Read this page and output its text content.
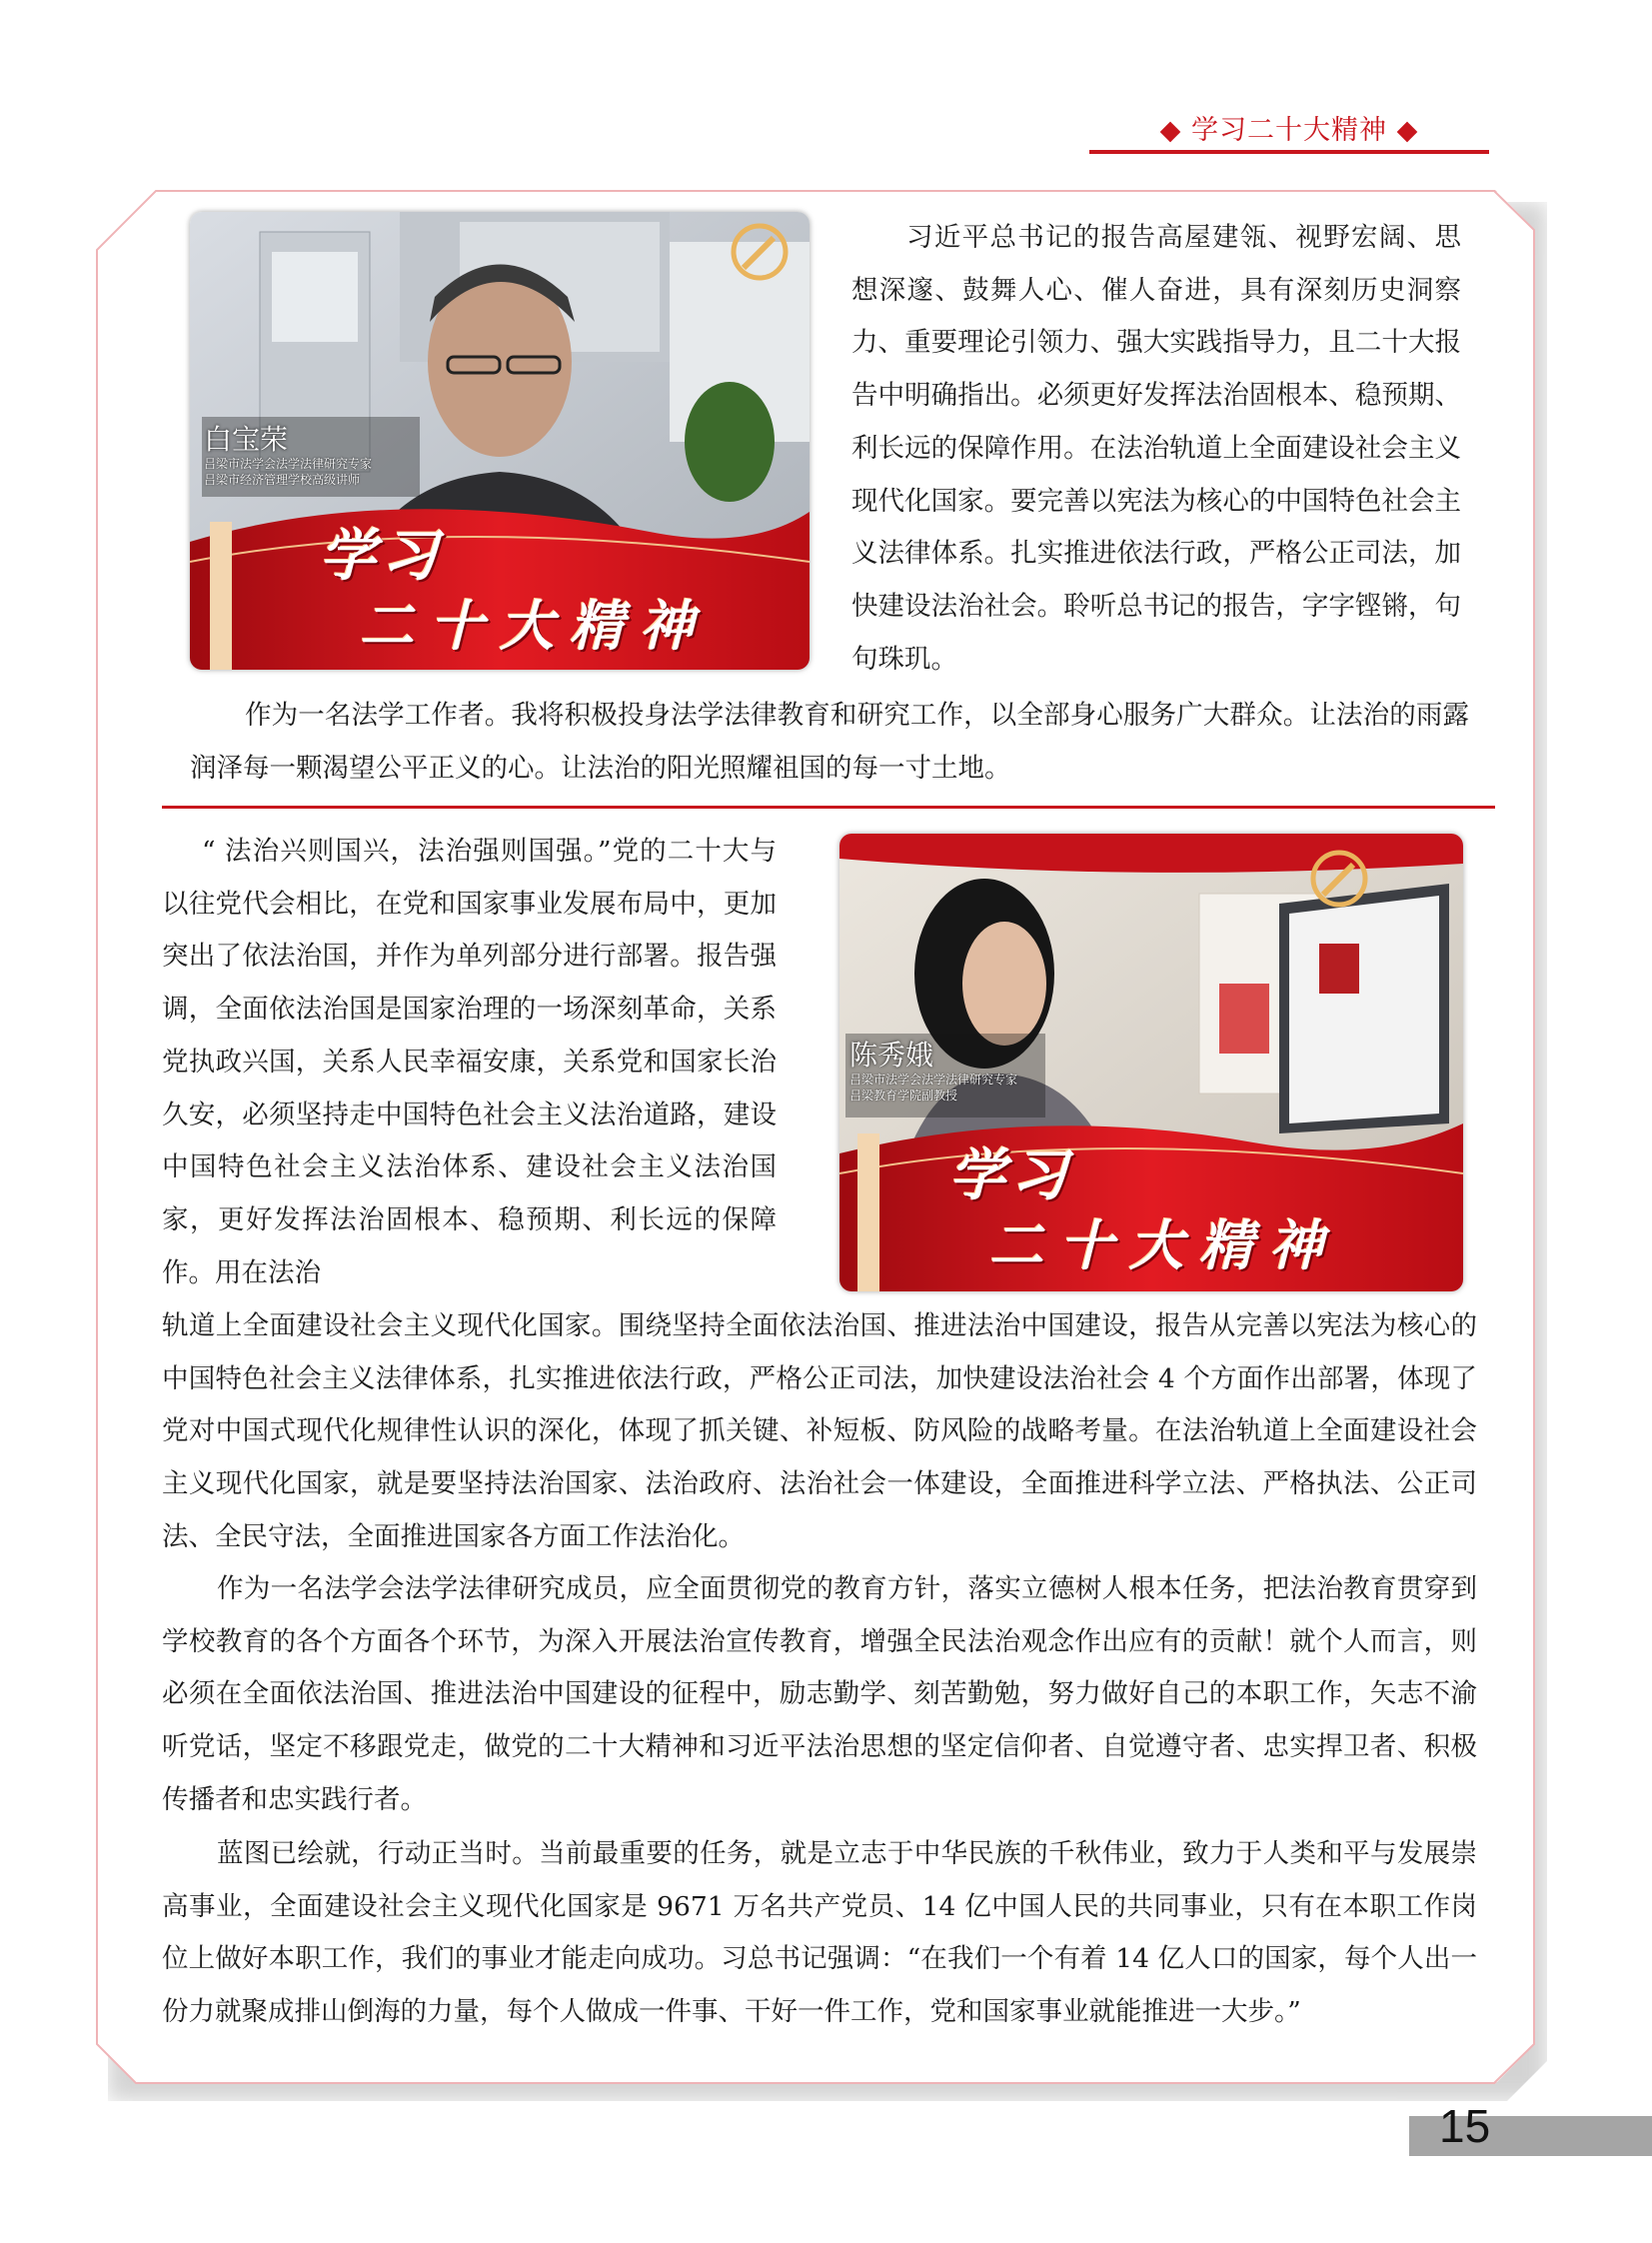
◆ 学习二十大精神 ◆
白宝荣
吕梁市法学会法学法律研究专家
吕梁市经济管理学校高级讲师
学习
二十大精神
陈秀娥
吕梁市法学会法学法律研究专家
吕梁教育学院副教授
学习
二十大精神
习近平总书记的报告高屋建瓴、视野宏阔、思想深邃、鼓舞人心、催人奋进，具有深刻历史洞察力、重要理论引领力、强大实践指导力，且二十大报告中明确指出。必须更好发挥法治固根本、稳预期、利长远的保障作用。在法治轨道上全面建设社会主义现代化国家。要完善以宪法为核心的中国特色社会主义法律体系。扎实推进依法行政，严格公正司法，加快建设法治社会。聆听总书记的报告，字字铿锵，句句珠玑。
作为一名法学工作者。我将积极投身法学法律教育和研究工作，以全部身心服务广大群众。让法治的雨露润泽每一颗渴望公平正义的心。让法治的阳光照耀祖国的每一寸土地。
“ 法治兴则国兴，法治强则国强。”党的二十大与以往党代会相比，在党和国家事业发展布局中，更加突出了依法治国，并作为单列部分进行部署。报告强调，全面依法治国是国家治理的一场深刻革命，关系党执政兴国，关系人民幸福安康，关系党和国家长治久安，必须坚持走中国特色社会主义法治道路，建设中国特色社会主义法治体系、建设社会主义法治国家，更好发挥法治固根本、稳预期、利长远的保障作。用在法治
轨道上全面建设社会主义现代化国家。围绕坚持全面依法治国、推进法治中国建设，报告从完善以宪法为核心的中国特色社会主义法律体系，扎实推进依法行政，严格公正司法，加快建设法治社会 4 个方面作出部署，体现了党对中国式现代化规律性认识的深化，体现了抓关键、补短板、防风险的战略考量。在法治轨道上全面建设社会主义现代化国家，就是要坚持法治国家、法治政府、法治社会一体建设，全面推进科学立法、严格执法、公正司法、全民守法，全面推进国家各方面工作法治化。
作为一名法学会法学法律研究成员，应全面贯彻党的教育方针，落实立德树人根本任务，把法治教育贯穿到学校教育的各个方面各个环节，为深入开展法治宣传教育，增强全民法治观念作出应有的贡献！就个人而言，则必须在全面依法治国、推进法治中国建设的征程中，励志勤学、刻苦勤勉，努力做好自己的本职工作，矢志不渝听党话，坚定不移跟党走，做党的二十大精神和习近平法治思想的坚定信仰者、自觉遵守者、忠实捍卫者、积极传播者和忠实践行者。
蓝图已绘就，行动正当时。当前最重要的任务，就是立志于中华民族的千秋伟业，致力于人类和平与发展崇高事业，全面建设社会主义现代化国家是 9671 万名共产党员、14 亿中国人民的共同事业，只有在本职工作岗位上做好本职工作，我们的事业才能走向成功。习总书记强调：“在我们一个有着 14 亿人口的国家，每个人出一份力就聚成排山倒海的力量，每个人做成一件事、干好一件工作，党和国家事业就能推进一大步。”
15
